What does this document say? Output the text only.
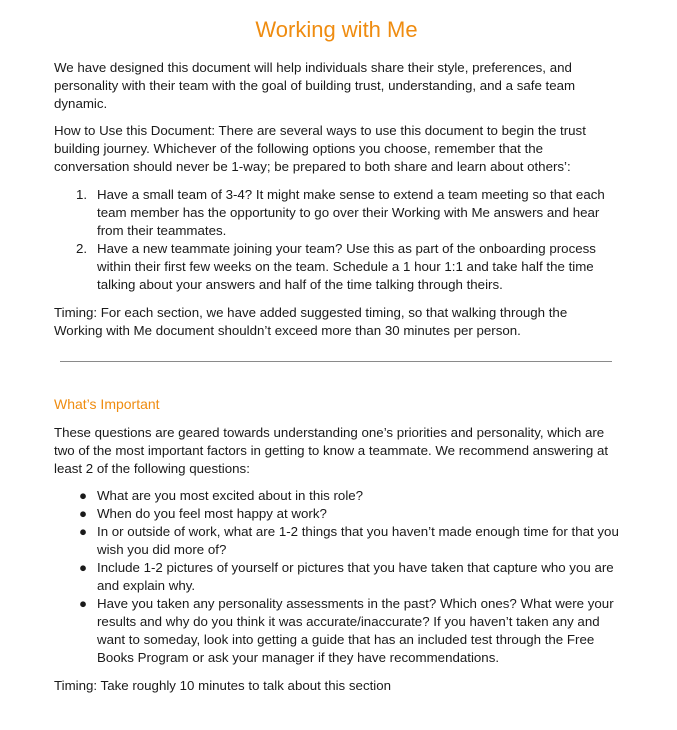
Working with Me

We have designed this document will help individuals share their style, preferences, and personality with their team with the goal of building trust, understanding, and a safe team dynamic.

How to Use this Document: There are several ways to use this document to begin the trust building journey. Whichever of the following options you choose, remember that the conversation should never be 1-way; be prepared to both share and learn about others’:

1. Have a small team of 3-4? It might make sense to extend a team meeting so that each team member has the opportunity to go over their Working with Me answers and hear from their teammates.
2. Have a new teammate joining your team? Use this as part of the onboarding process within their first few weeks on the team. Schedule a 1 hour 1:1 and take half the time talking about your answers and half of the time talking through theirs.

Timing: For each section, we have added suggested timing, so that walking through the Working with Me document shouldn’t exceed more than 30 minutes per person.

What’s Important

These questions are geared towards understanding one’s priorities and personality, which are two of the most important factors in getting to know a teammate. We recommend answering at least 2 of the following questions:

● What are you most excited about in this role?
● When do you feel most happy at work?
● In or outside of work, what are 1-2 things that you haven’t made enough time for that you wish you did more of?
● Include 1-2 pictures of yourself or pictures that you have taken that capture who you are and explain why.
● Have you taken any personality assessments in the past? Which ones? What were your results and why do you think it was accurate/inaccurate? If you haven’t taken any and want to someday, look into getting a guide that has an included test through the Free Books Program or ask your manager if they have recommendations.

Timing: Take roughly 10 minutes to talk about this section
